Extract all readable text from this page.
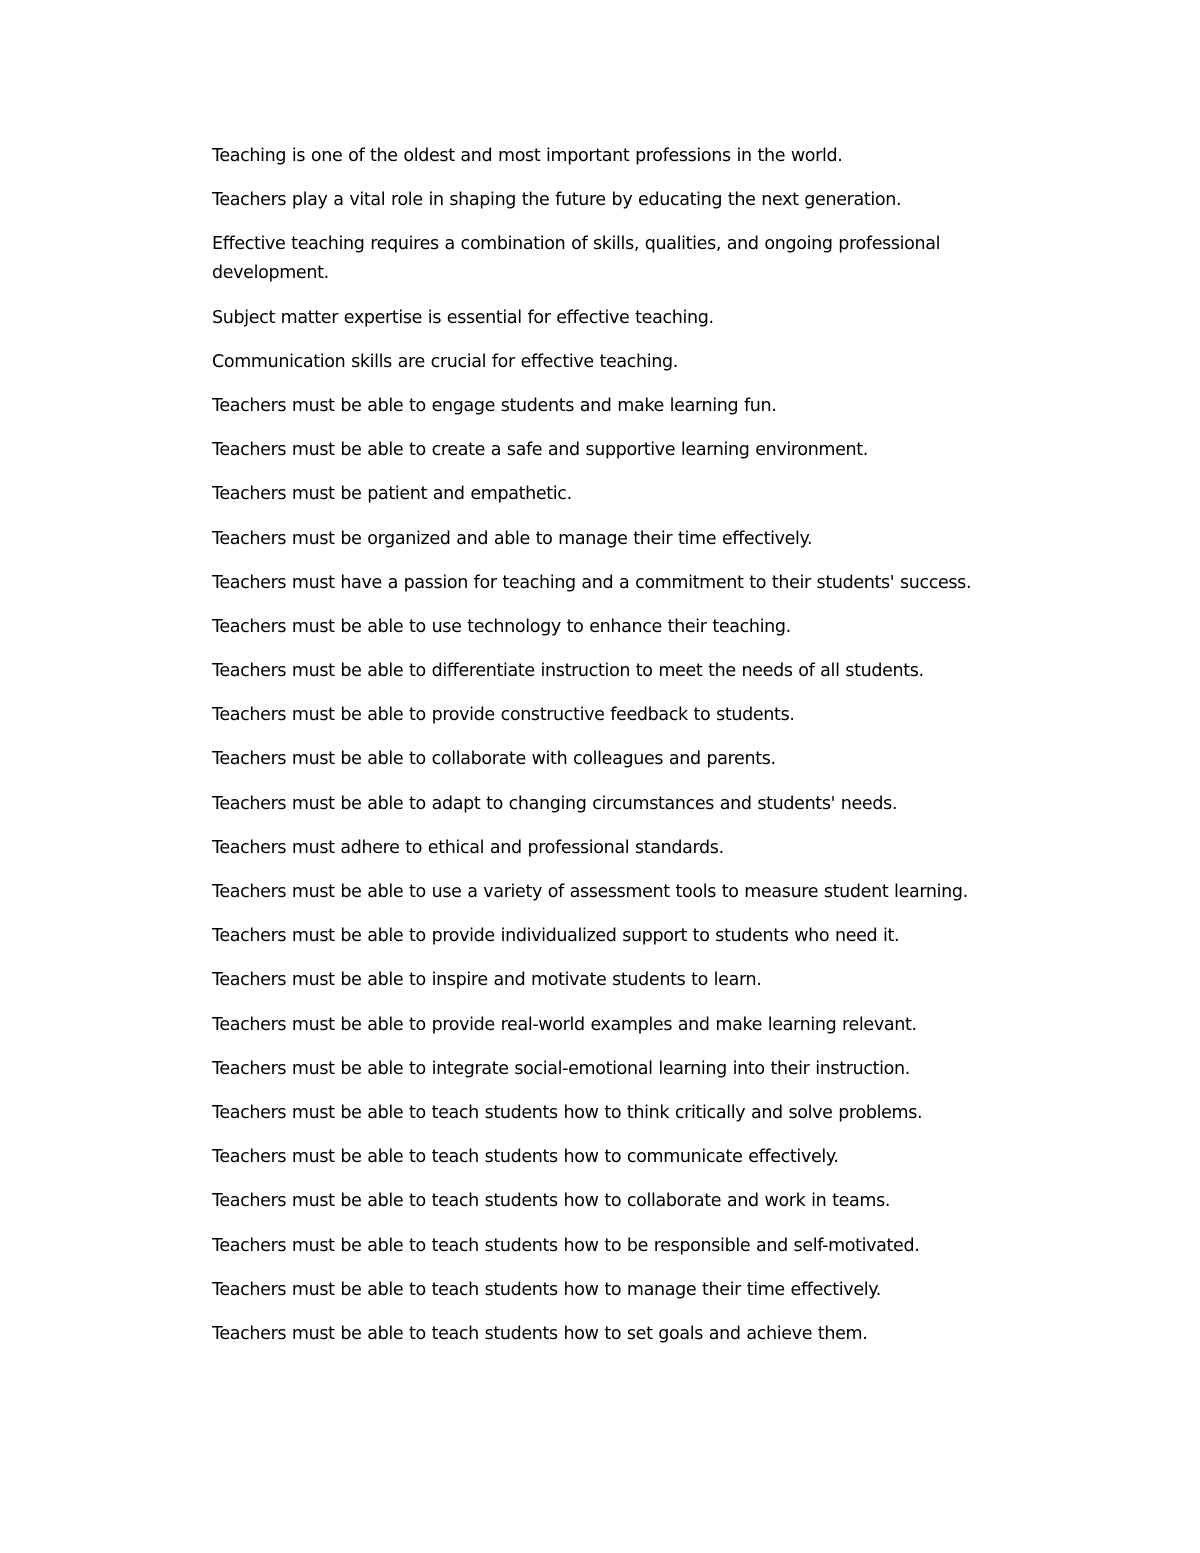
Teaching is one of the oldest and most important professions in the world.

Teachers play a vital role in shaping the future by educating the next generation.

Effective teaching requires a combination of skills, qualities, and ongoing professional development.

Subject matter expertise is essential for effective teaching.

Communication skills are crucial for effective teaching.

Teachers must be able to engage students and make learning fun.

Teachers must be able to create a safe and supportive learning environment.

Teachers must be patient and empathetic.

Teachers must be organized and able to manage their time effectively.

Teachers must have a passion for teaching and a commitment to their students' success.

Teachers must be able to use technology to enhance their teaching.

Teachers must be able to differentiate instruction to meet the needs of all students.

Teachers must be able to provide constructive feedback to students.

Teachers must be able to collaborate with colleagues and parents.

Teachers must be able to adapt to changing circumstances and students' needs.

Teachers must adhere to ethical and professional standards.

Teachers must be able to use a variety of assessment tools to measure student learning.

Teachers must be able to provide individualized support to students who need it.

Teachers must be able to inspire and motivate students to learn.

Teachers must be able to provide real-world examples and make learning relevant.

Teachers must be able to integrate social-emotional learning into their instruction.

Teachers must be able to teach students how to think critically and solve problems.

Teachers must be able to teach students how to communicate effectively.

Teachers must be able to teach students how to collaborate and work in teams.

Teachers must be able to teach students how to be responsible and self-motivated.

Teachers must be able to teach students how to manage their time effectively.

Teachers must be able to teach students how to set goals and achieve them.
